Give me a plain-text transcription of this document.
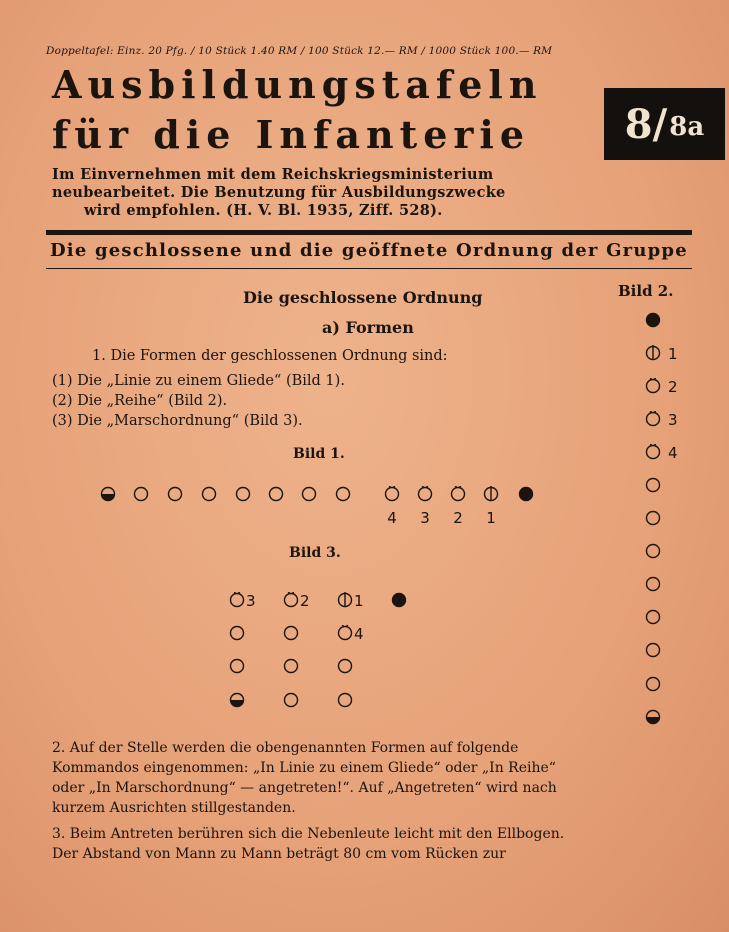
Doppeltafel: Einz. 20 Pfg. / 10 Stück 1.40 RM / 100 Stück 12.— RM / 1000 Stück 100.— RM
Ausbildungstafeln
für die Infanterie
Im Einvernehmen mit dem Reichskriegsministerium
neubearbeitet. Die Benutzung für Ausbildungszwecke
wird empfohlen. (H. V. Bl. 1935, Ziff. 528).
8/ 8a
Die geschlossene und die geöffnete Ordnung der Gruppe
Die geschlossene Ordnung
a) Formen
Bild 2.
1. Die Formen der geschlossenen Ordnung sind:
(1) Die „Linie zu einem Gliede“ (Bild 1).
(2) Die „Reihe“ (Bild 2).
(3) Die „Marschordnung“ (Bild 3).
Bild 1.
Bild 3.
4 3 2 1
1
2
3
4
3	2	1
4
2. Auf der Stelle werden die obengenannten Formen auf folgende
Kommandos eingenommen: „In Linie zu einem Gliede“ oder „In Reihe“
oder „In Marschordnung“ — angetreten!“. Auf „Angetreten“ wird nach
kurzem Ausrichten stillgestanden.
3. Beim Antreten berühren sich die Nebenleute leicht mit den Ellbogen.
Der Abstand von Mann zu Mann beträgt 80 cm vom Rücken zur
